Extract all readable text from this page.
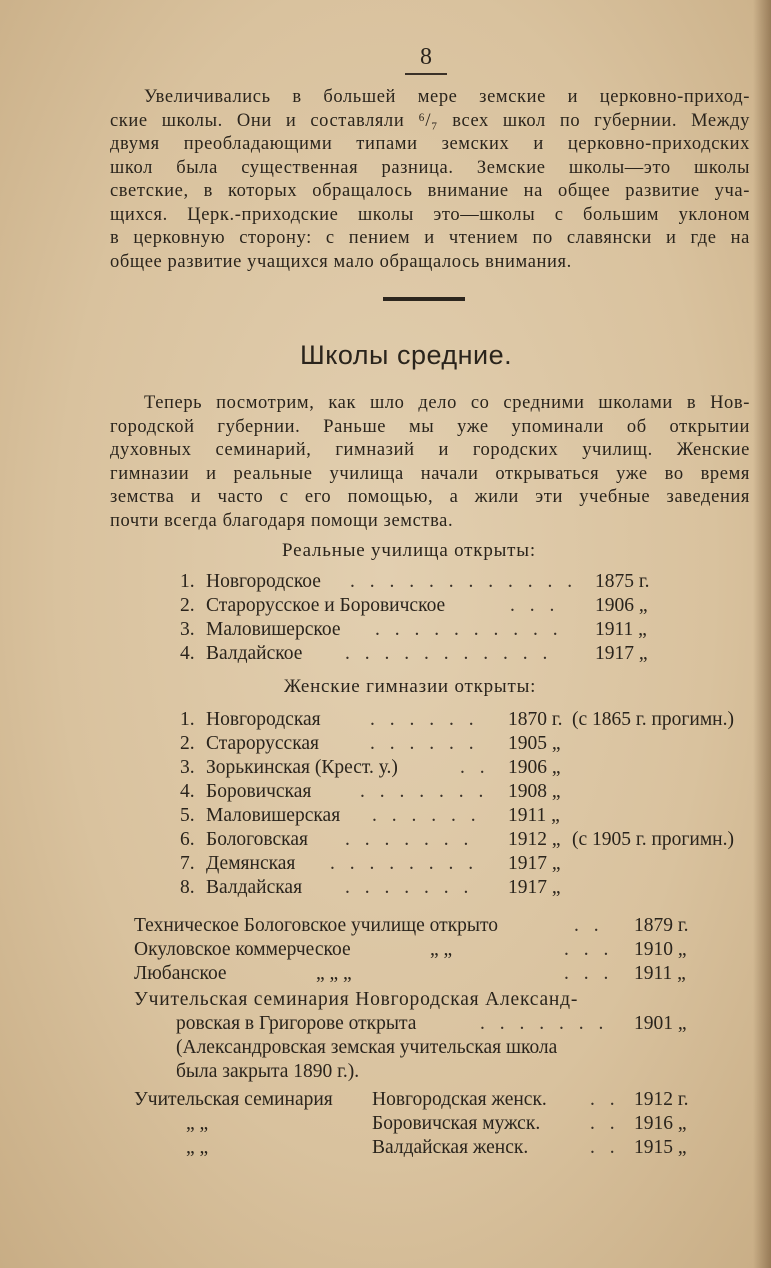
8
Увеличивались в большей мере земские и церковно-приход-
ские школы. Они и составляли ⁶/₇ всех школ по губернии. Между
двумя преобладающими типами земских и церковно-приходских
школ была существенная разница. Земские школы—это школы
светские, в которых обращалось внимание на общее развитие уча-
щихся. Церк.-приходские школы это—школы с большим уклоном
в церковную сторону: с пением и чтением по славянски и где на
общее развитие учащихся мало обращалось внимания.
Школы средние.
Теперь посмотрим, как шло дело со средними школами в Нов-
городской губернии. Раньше мы уже упоминали об открытии
духовных семинарий, гимназий и городских училищ. Женские
гимназии и реальные училища начали открываться уже во время
земства и часто с его помощью, а жили эти учебные заведения
почти всегда благодаря помощи земства.
Реальные училища открыты:
1. Новгородское . . . . . . . . . . . . 1875 г.
2. Старорусское и Боровичское	. . . 1906 „
3. Маловишерское . . . . . . . . . . 1911 „
4. Валдайское . . . . . . . . . . . 1917 „
Женские гимназии открыты:
1. Новгородская	. . . . . . 1870 г. (с 1865 г. прогимн.)
2. Старорусская	. . . . . . 1905 „
3. Зорькинская (Крест. у.)	. . 1906 „
4. Боровичская . . . . . . . 1908 „
5. Маловишерская . . . . . . 1911 „
6. Бологовская . . . . . . . 1912 „ (с 1905 г. прогимн.)
7. Демянская . . . . . . . . 1917 „
8. Валдайская . . . . . . . 1917 „
Техническое Бологовское училище открыто	. . 1879 г.
Окуловское коммерческое	„ „	. . . 1910 „
Любанское	„ „ „	. . . 1911 „
Учительская семинария Новгородская Александ-
ровская в Григорове открыта	. . . . . . . 1901 „
(Александровская земская учительская школа
была закрыта 1890 г.).
Учительская семинария Новгородская женск. . . 1912 г.
„ „	Боровичская мужск.	. . 1916 „
„ „	Валдайская женск.	. . 1915 „
